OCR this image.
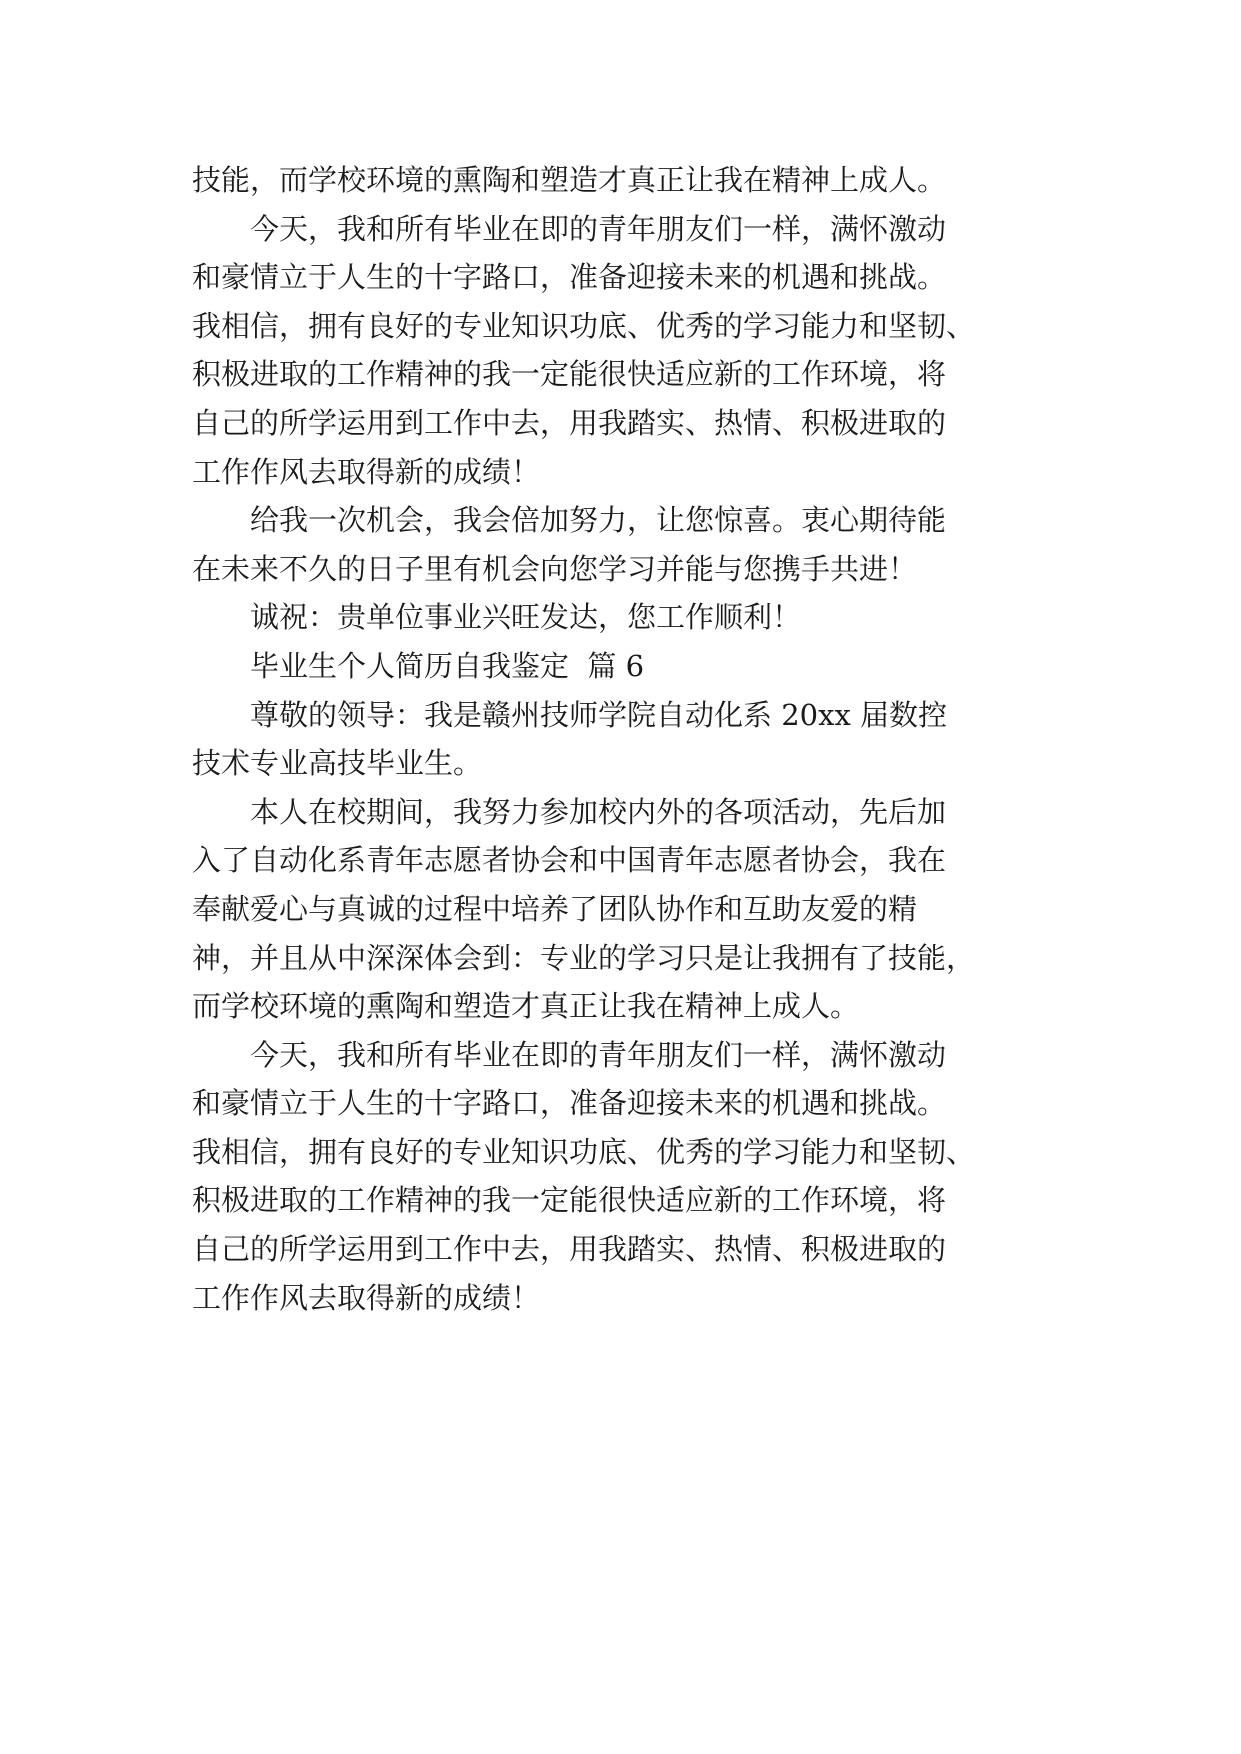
技能，而学校环境的熏陶和塑造才真正让我在精神上成人。
今天，我和所有毕业在即的青年朋友们一样，满怀激动
和豪情立于人生的十字路口，准备迎接未来的机遇和挑战。
我相信，拥有良好的专业知识功底、优秀的学习能力和坚韧、
积极进取的工作精神的我一定能很快适应新的工作环境，将
自己的所学运用到工作中去，用我踏实、热情、积极进取的
工作作风去取得新的成绩！
给我一次机会，我会倍加努力，让您惊喜。衷心期待能
在未来不久的日子里有机会向您学习并能与您携手共进！
诚祝：贵单位事业兴旺发达，您工作顺利！
毕业生个人简历自我鉴定  篇 6
尊敬的领导：我是赣州技师学院自动化系 20xx 届数控
技术专业高技毕业生。
本人在校期间，我努力参加校内外的各项活动，先后加
入了自动化系青年志愿者协会和中国青年志愿者协会，我在
奉献爱心与真诚的过程中培养了团队协作和互助友爱的精
神，并且从中深深体会到：专业的学习只是让我拥有了技能，
而学校环境的熏陶和塑造才真正让我在精神上成人。
今天，我和所有毕业在即的青年朋友们一样，满怀激动
和豪情立于人生的十字路口，准备迎接未来的机遇和挑战。
我相信，拥有良好的专业知识功底、优秀的学习能力和坚韧、
积极进取的工作精神的我一定能很快适应新的工作环境，将
自己的所学运用到工作中去，用我踏实、热情、积极进取的
工作作风去取得新的成绩！
